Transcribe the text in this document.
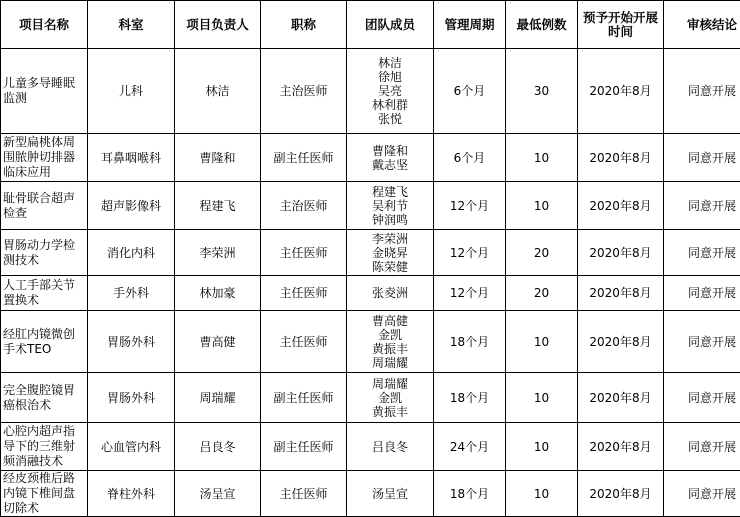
项目名称	科室	项目负责人	职称	团队成员	管理周期	最低例数	预予开始开展时间	审核结论
儿童多导睡眠监测	儿科	林洁	主治医师	林洁
徐旭
吴亮
林利群
张悦	6个月	30	2020年8月	同意开展
新型扁桃体周围脓肿切排器临床应用	耳鼻咽喉科	曹隆和	副主任医师	曹隆和
戴志坚	6个月	10	2020年8月	同意开展
耻骨联合超声检查	超声影像科	程建飞	主治医师	程建飞
吴利节
钟润鸣	12个月	10	2020年8月	同意开展
胃肠动力学检测技术	消化内科	李荣洲	主任医师	李荣洲
金晓昇
陈荣健	12个月	20	2020年8月	同意开展
人工手部关节置换术	手外科	林加豪	主任医师	张夌洲	12个月	20	2020年8月	同意开展
经肛内镜微创手术TEO	胃肠外科	曹高健	主任医师	曹高健
金凯
黄振丰
周瑞耀	18个月	10	2020年8月	同意开展
完全腹腔镜胃癌根治术	胃肠外科	周瑞耀	副主任医师	周瑞耀
金凯
黄振丰	18个月	10	2020年8月	同意开展
心腔内超声指导下的三维射频消融技术	心血管内科	吕良冬	副主任医师	吕良冬	24个月	10	2020年8月	同意开展
经皮颈椎后路内镜下椎间盘切除术	脊柱外科	汤呈宣	主任医师	汤呈宣	18个月	10	2020年8月	同意开展
